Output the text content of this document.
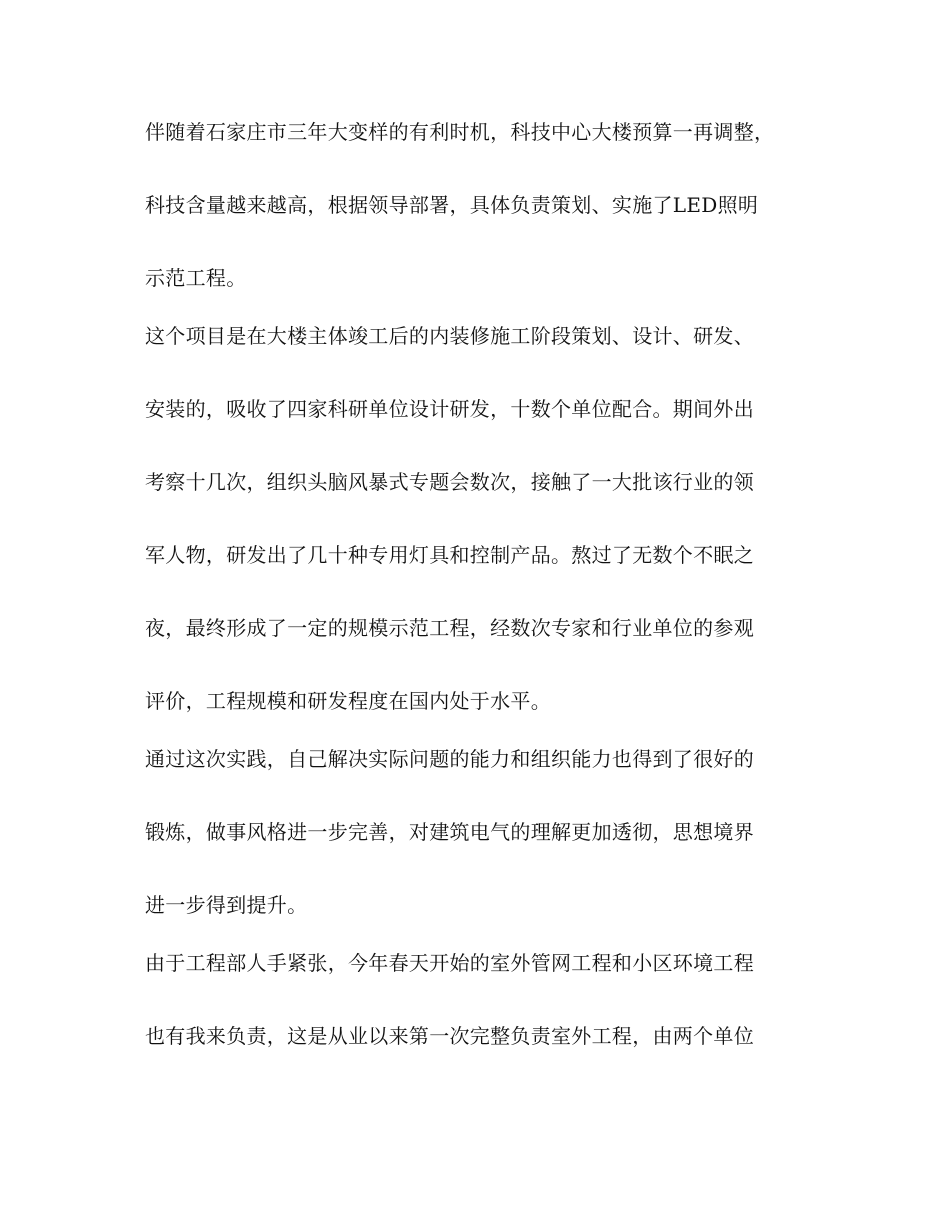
伴随着石家庄市三年大变样的有利时机，科技中心大楼预算一再调整，
科技含量越来越高，根据领导部署，具体负责策划、实施了LED照明
示范工程。
这个项目是在大楼主体竣工后的内装修施工阶段策划、设计、研发、
安装的，吸收了四家科研单位设计研发，十数个单位配合。期间外出
考察十几次，组织头脑风暴式专题会数次，接触了一大批该行业的领
军人物，研发出了几十种专用灯具和控制产品。熬过了无数个不眠之
夜，最终形成了一定的规模示范工程，经数次专家和行业单位的参观
评价，工程规模和研发程度在国内处于水平。
通过这次实践，自己解决实际问题的能力和组织能力也得到了很好的
锻炼，做事风格进一步完善，对建筑电气的理解更加透彻，思想境界
进一步得到提升。
由于工程部人手紧张，今年春天开始的室外管网工程和小区环境工程
也有我来负责，这是从业以来第一次完整负责室外工程，由两个单位
